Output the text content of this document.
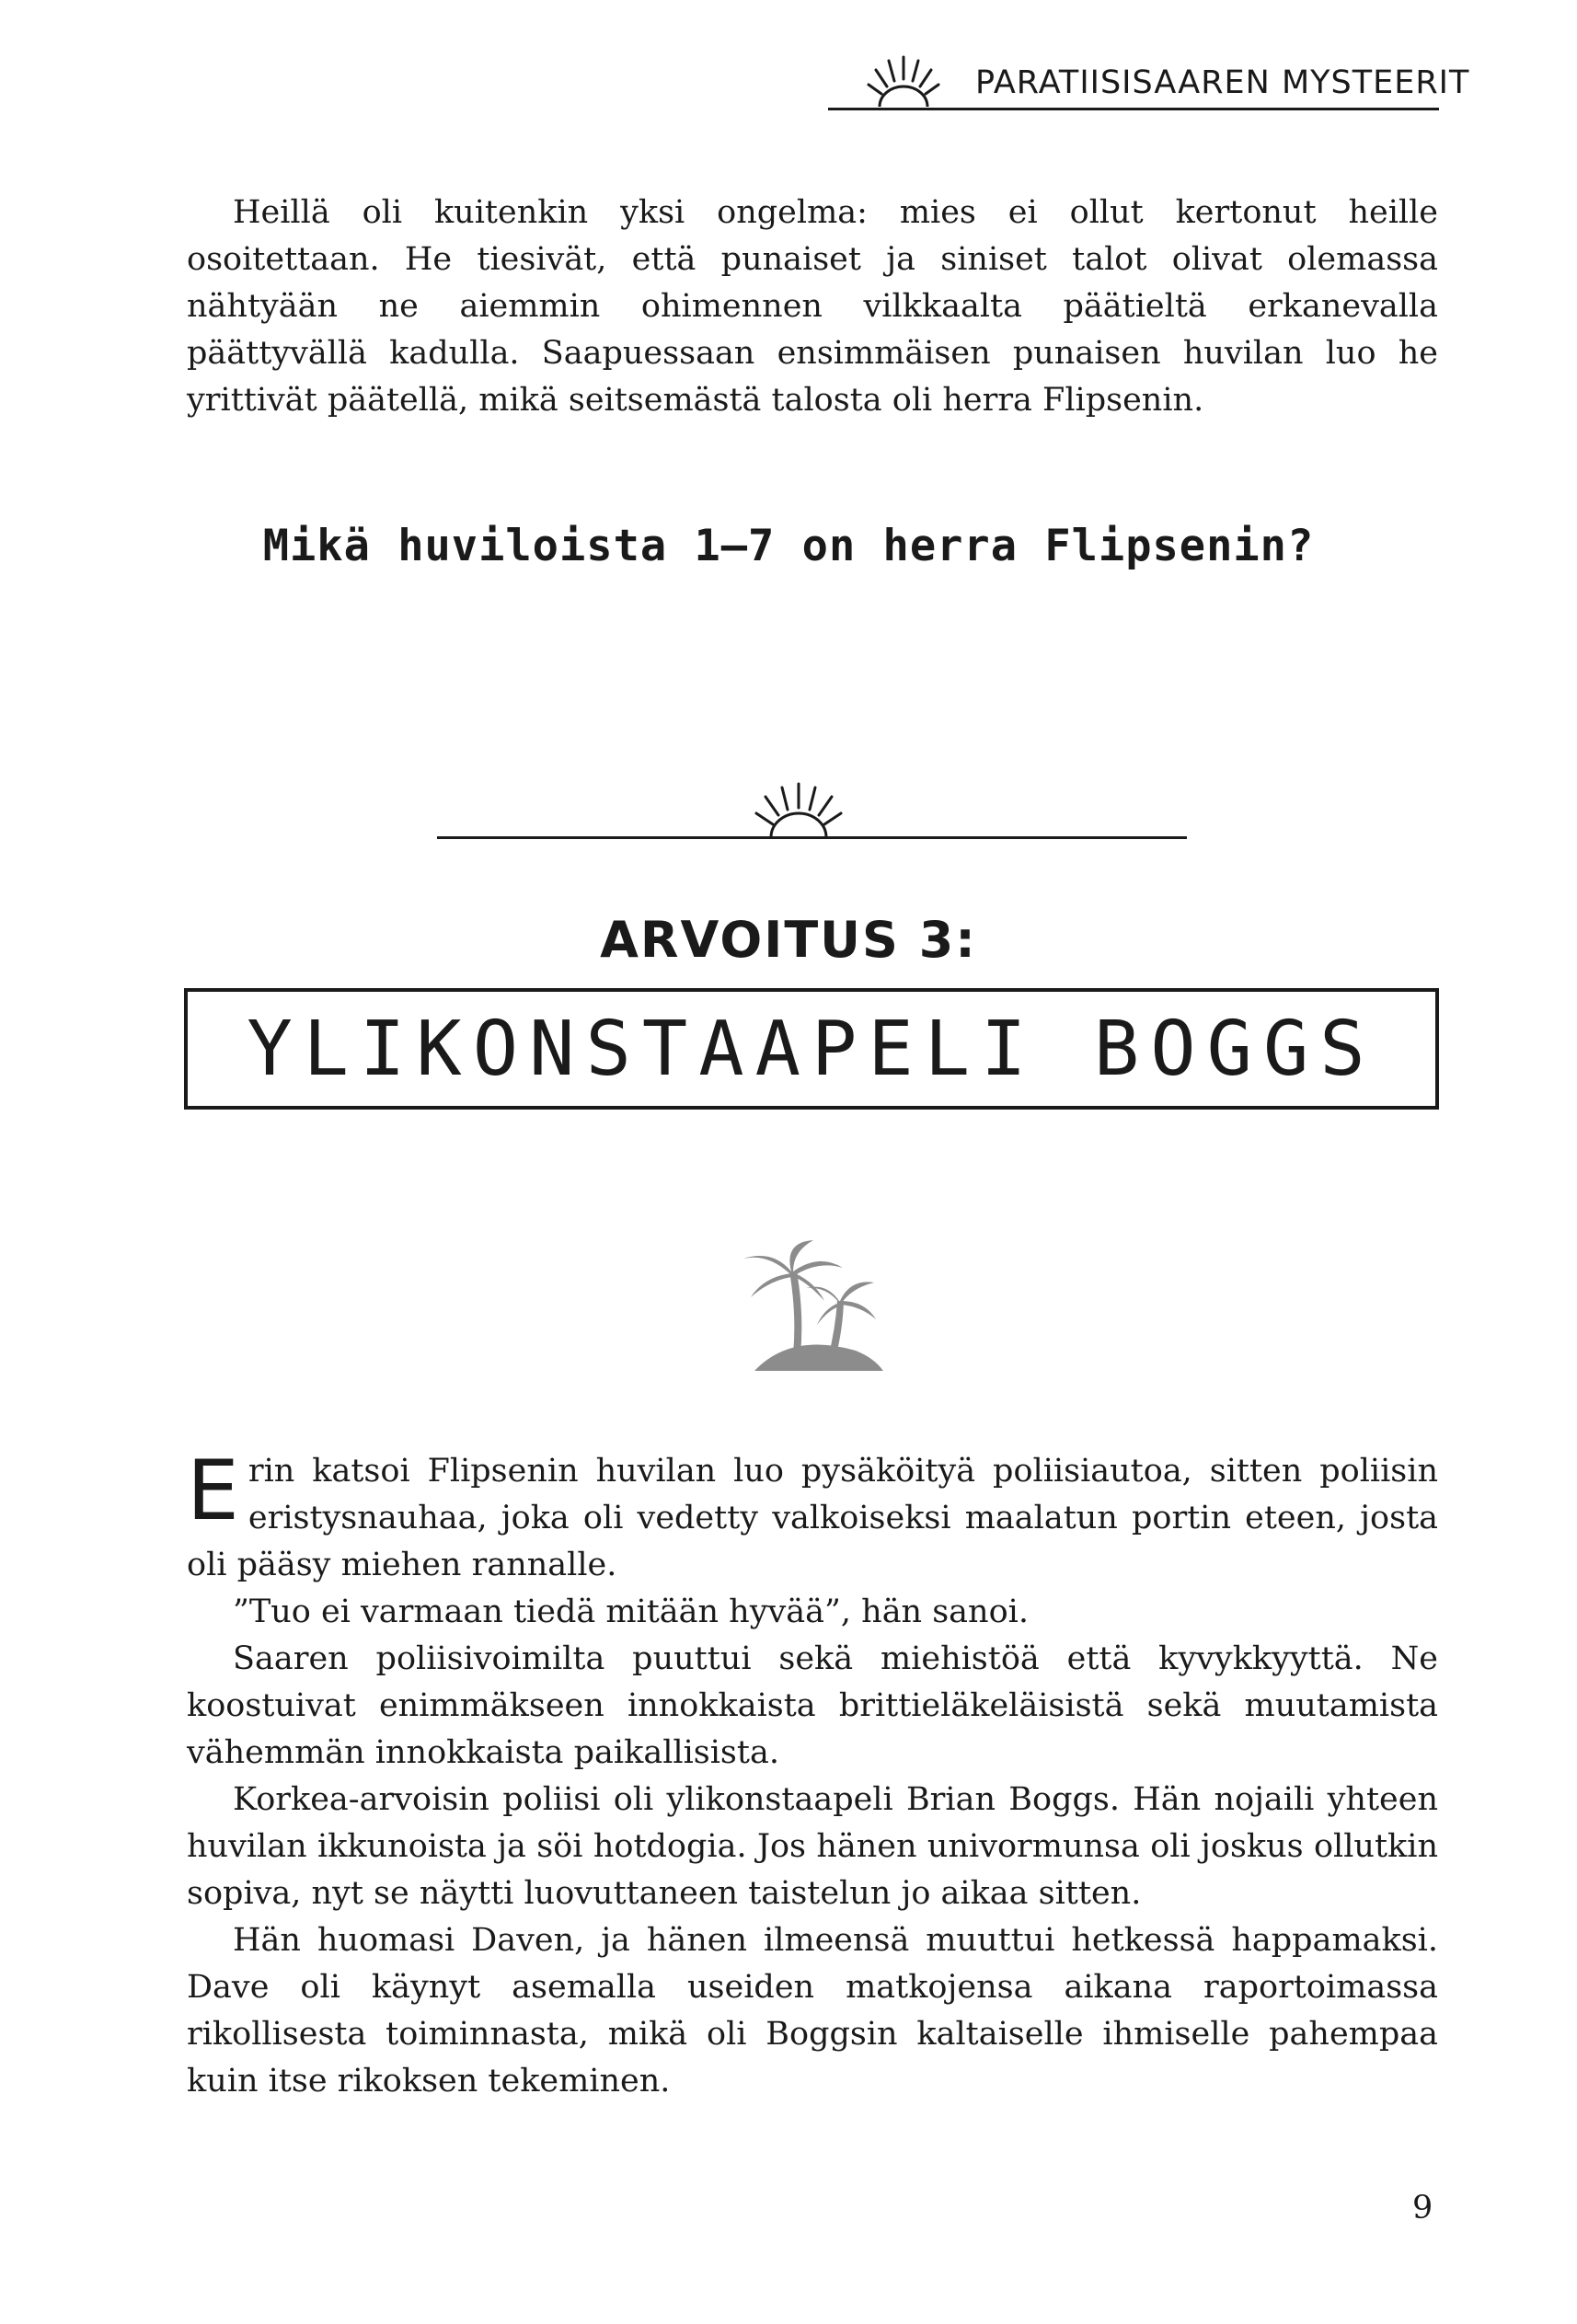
PARATIISISAAREN MYSTEERIT

Heillä oli kuitenkin yksi ongelma: mies ei ollut kertonut heille osoitettaan. He tiesivät, että punaiset ja siniset talot olivat olemassa nähtyään ne aiemmin ohimennen vilkkaalta päätieltä erkanevalla päättyvällä kadulla. Saapuessaan ensimmäisen punaisen huvilan luo he yrittivät päätellä, mikä seitsemästä talosta oli herra Flipsenin.

Mikä huviloista 1–7 on herra Flipsenin?
ARVOITUS 3:
YLIKONSTAAPELI BOGGS

Erin katsoi Flipsenin huvilan luo pysäköityä poliisiautoa, sitten poliisin eristysnauhaa, joka oli vedetty valkoiseksi maalatun portin eteen, josta oli pääsy miehen rannalle.

”Tuo ei varmaan tiedä mitään hyvää”, hän sanoi.

Saaren poliisivoimilta puuttui sekä miehistöä että kyvykkyyttä. Ne koostuivat enimmäkseen innokkaista brittieläkeläisistä sekä muutamista vähemmän innokkaista paikallisista.

Korkea-arvoisin poliisi oli ylikonstaapeli Brian Boggs. Hän nojaili yhteen huvilan ikkunoista ja söi hotdogia. Jos hänen univormunsa oli joskus ollutkin sopiva, nyt se näytti luovuttaneen taistelun jo aikaa sitten.

Hän huomasi Daven, ja hänen ilmeensä muuttui hetkessä happamaksi. Dave oli käynyt asemalla useiden matkojensa aikana raportoimassa rikollisesta toiminnasta, mikä oli Boggsin kaltaiselle ihmiselle pahempaa kuin itse rikoksen tekeminen.

9
